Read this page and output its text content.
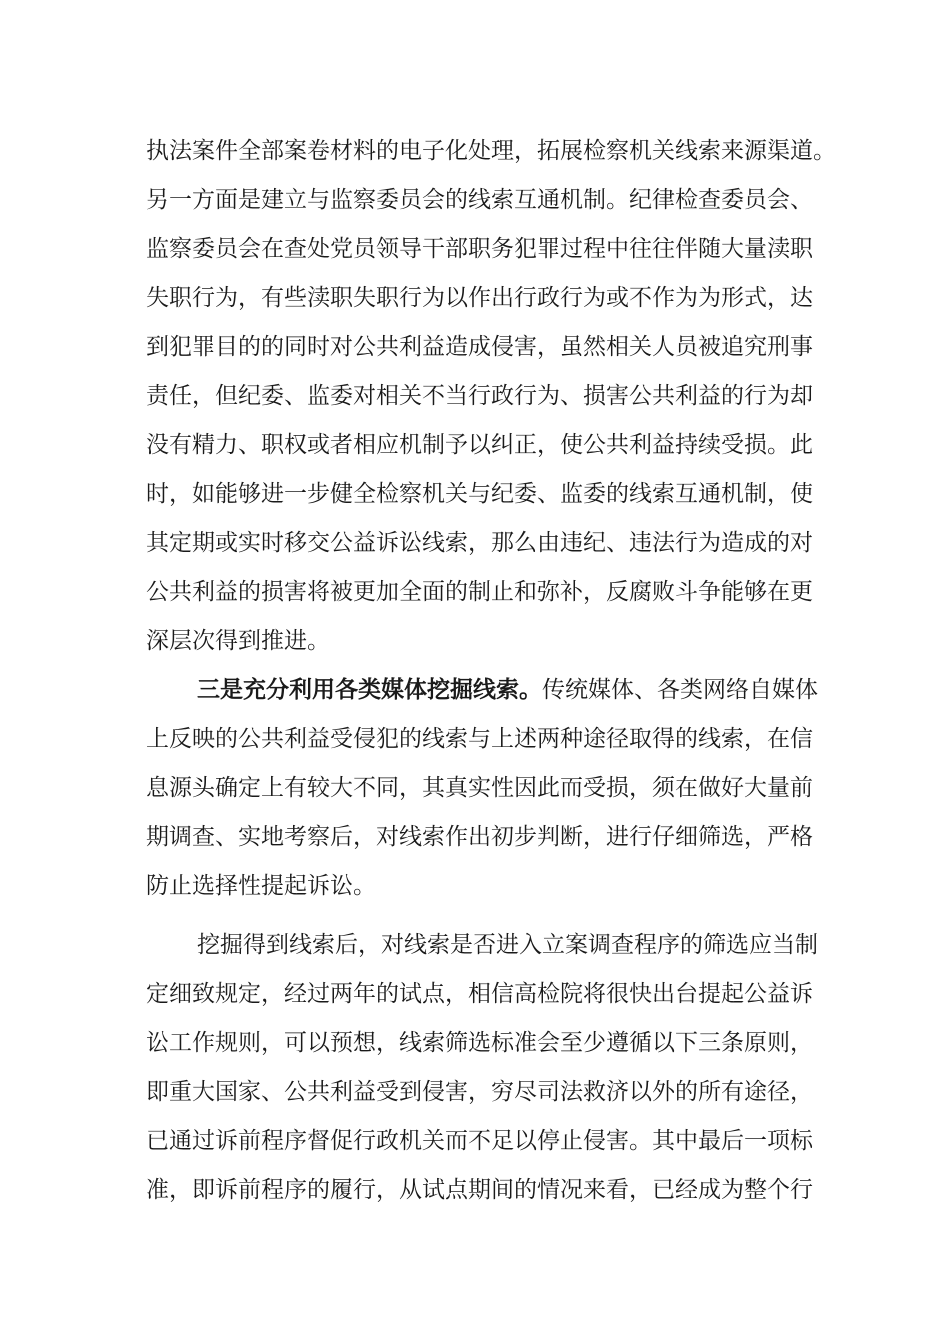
执法案件全部案卷材料的电子化处理，拓展检察机关线索来源渠道。
另一方面是建立与监察委员会的线索互通机制。纪律检查委员会、
监察委员会在查处党员领导干部职务犯罪过程中往往伴随大量渎职
失职行为，有些渎职失职行为以作出行政行为或不作为为形式，达
到犯罪目的的同时对公共利益造成侵害，虽然相关人员被追究刑事
责任，但纪委、监委对相关不当行政行为、损害公共利益的行为却
没有精力、职权或者相应机制予以纠正，使公共利益持续受损。此
时，如能够进一步健全检察机关与纪委、监委的线索互通机制，使
其定期或实时移交公益诉讼线索，那么由违纪、违法行为造成的对
公共利益的损害将被更加全面的制止和弥补，反腐败斗争能够在更
深层次得到推进。
三是充分利用各类媒体挖掘线索。传统媒体、各类网络自媒体
上反映的公共利益受侵犯的线索与上述两种途径取得的线索，在信
息源头确定上有较大不同，其真实性因此而受损，须在做好大量前
期调查、实地考察后，对线索作出初步判断，进行仔细筛选，严格
防止选择性提起诉讼。
挖掘得到线索后，对线索是否进入立案调查程序的筛选应当制
定细致规定，经过两年的试点，相信高检院将很快出台提起公益诉
讼工作规则，可以预想，线索筛选标准会至少遵循以下三条原则，
即重大国家、公共利益受到侵害，穷尽司法救济以外的所有途径，
已通过诉前程序督促行政机关而不足以停止侵害。其中最后一项标
准，即诉前程序的履行，从试点期间的情况来看，已经成为整个行
